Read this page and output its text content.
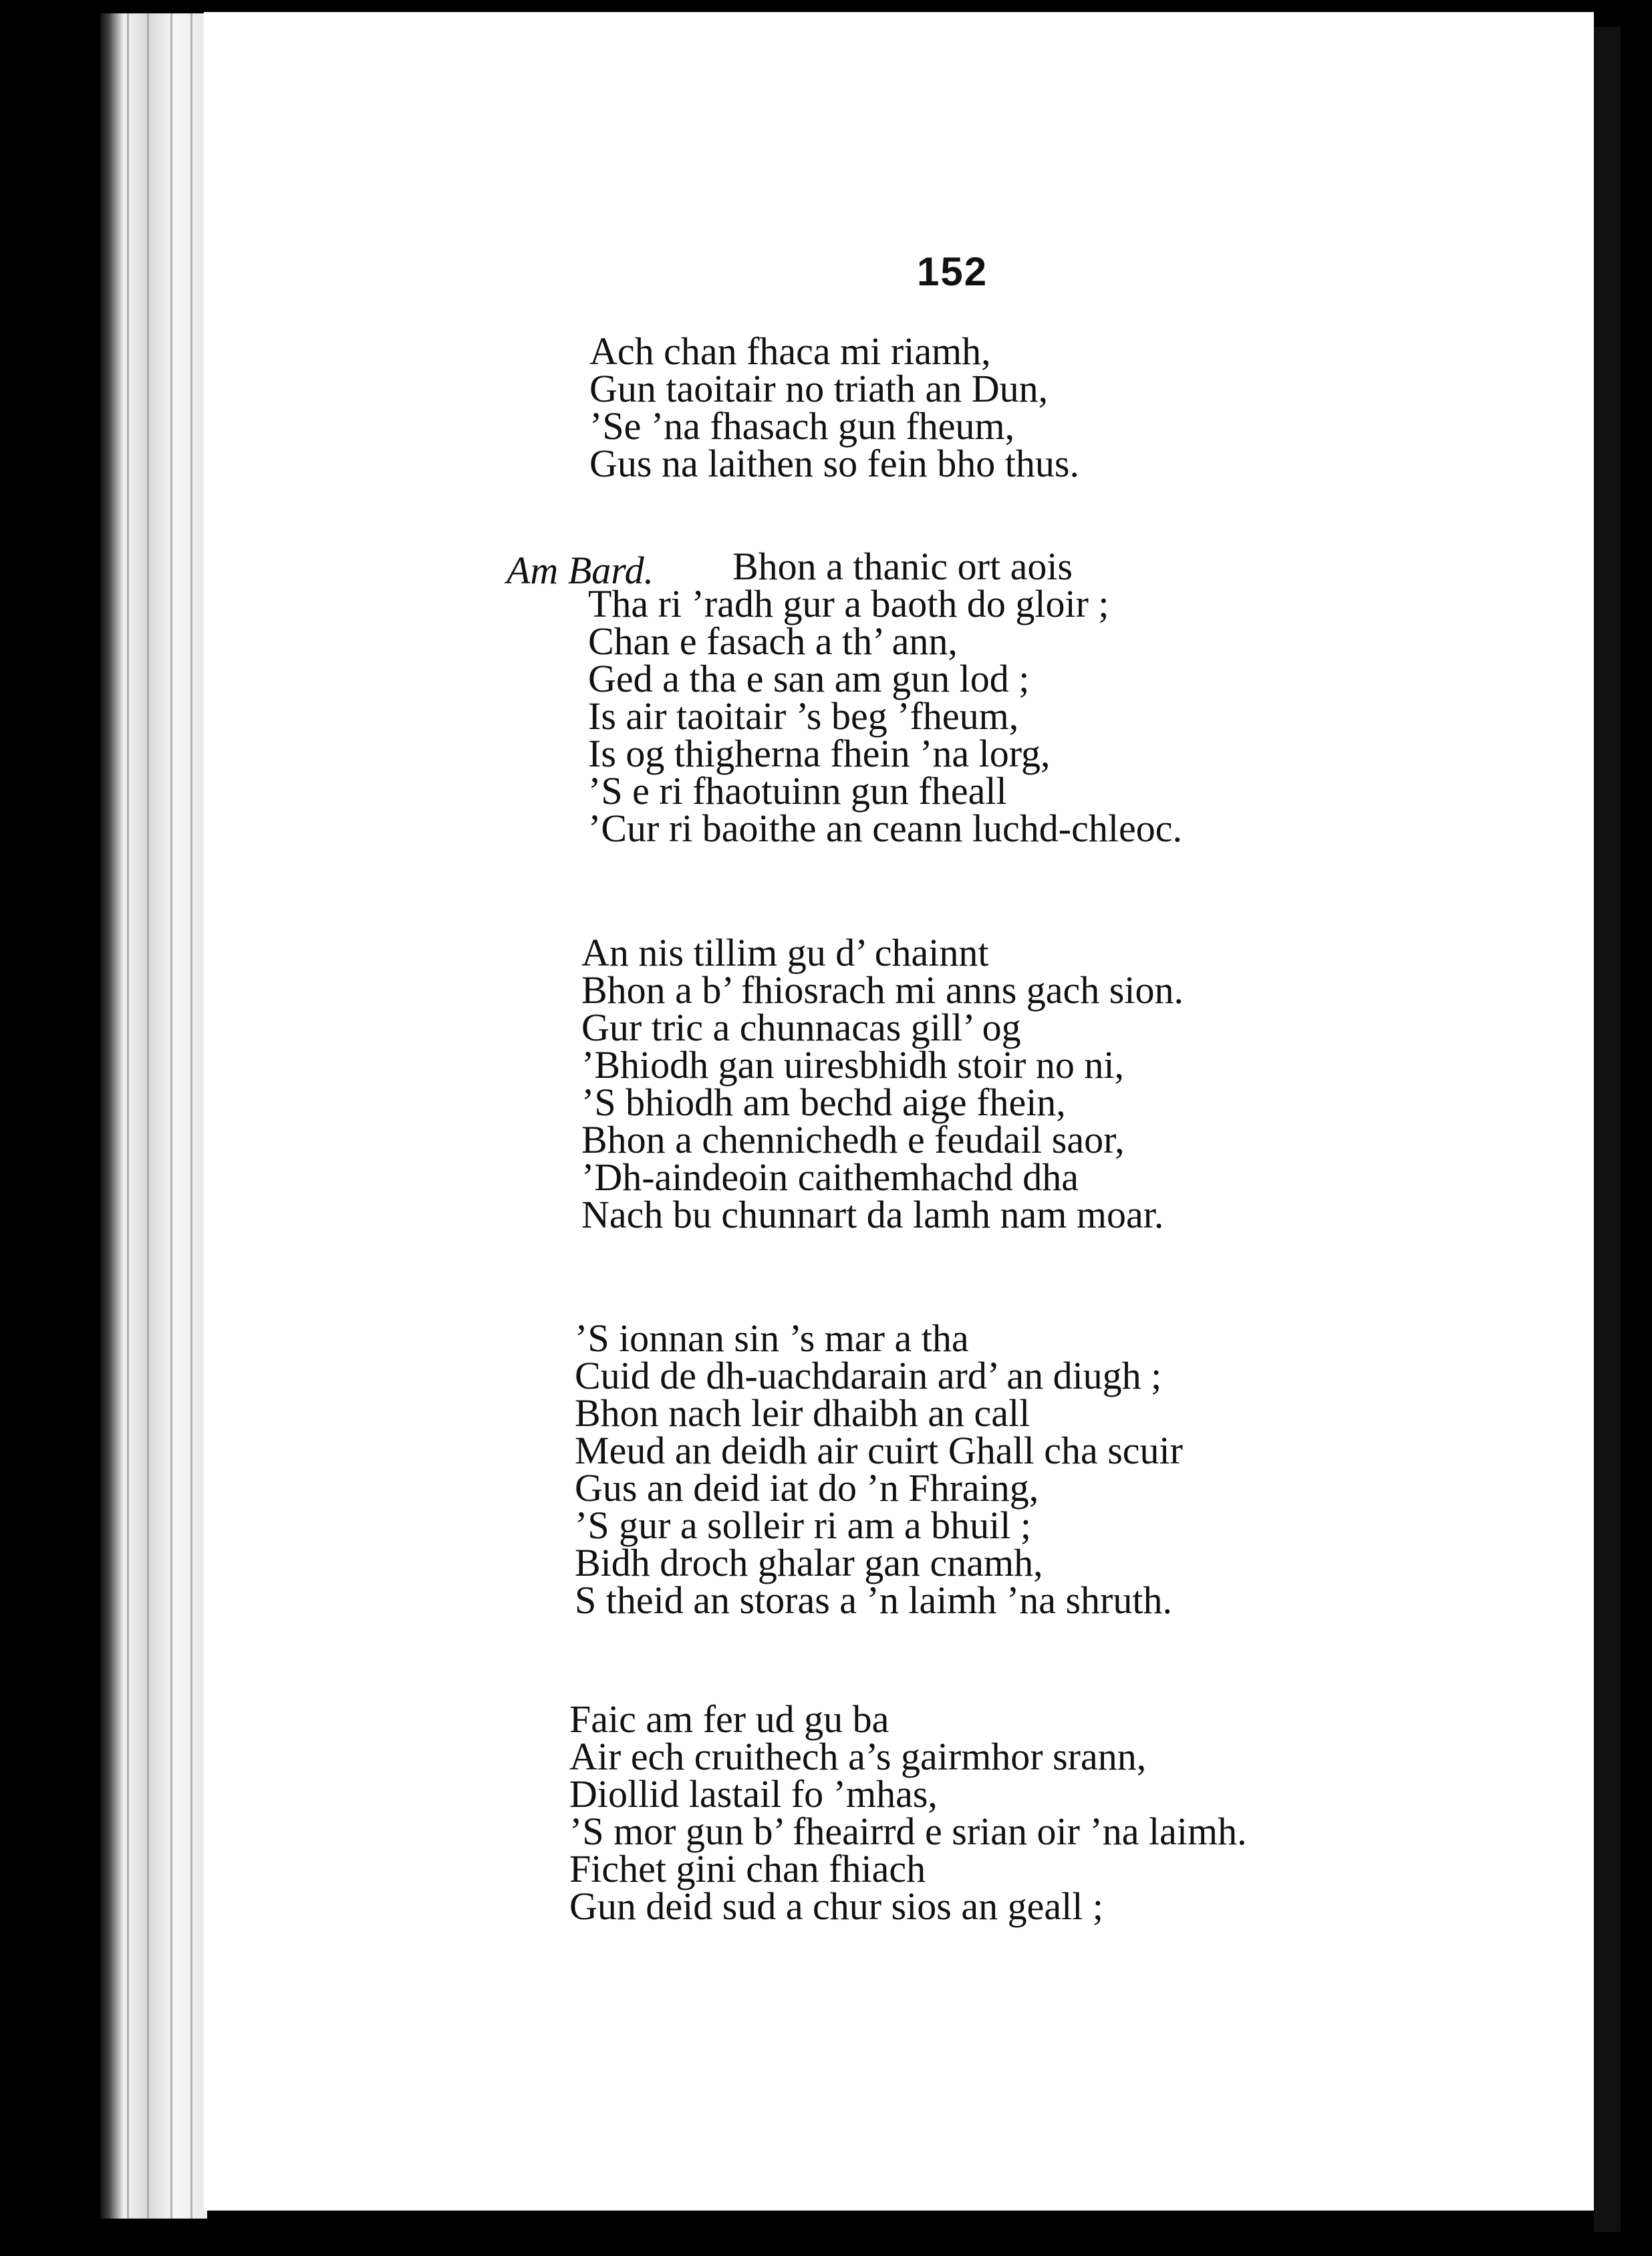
152
Ach chan fhaca mi riamh,
Gun taoitair no triath an Dun,
’Se ’na fhasach gun fheum,
Gus na laithen so fein bho thus.
Am Bard. Bhon a thanic ort aois
Tha ri ’radh gur a baoth do gloir ;
Chan e fasach a th’ ann,
Ged a tha e san am gun lod ;
Is air taoitair ’s beg ’fheum,
Is og thigherna fhein ’na lorg,
’S e ri fhaotuinn gun fheall
’Cur ri baoithe an ceann luchd-chleoc.
An nis tillim gu d’ chainnt
Bhon a b’ fhiosrach mi anns gach sion.
Gur tric a chunnacas gill’ og
’Bhiodh gan uiresbhidh stoir no ni,
’S bhiodh am bechd aige fhein,
Bhon a chennichedh e feudail saor,
’Dh-aindeoin caithemhachd dha
Nach bu chunnart da lamh nam moar.
’S ionnan sin ’s mar a tha
Cuid de dh-uachdarain ard’ an diugh ;
Bhon nach leir dhaibh an call
Meud an deidh air cuirt Ghall cha scuir
Gus an deid iat do ’n Fhraing,
’S gur a solleir ri am a bhuil ;
Bidh droch ghalar gan cnamh,
S theid an storas a ’n laimh ’na shruth.
Faic am fer ud gu ba
Air ech cruithech a’s gairmhor srann,
Diollid lastail fo ’mhas,
’S mor gun b’ fheairrd e srian oir ’na laimh.
Fichet gini chan fhiach
Gun deid sud a chur sios an geall ;
